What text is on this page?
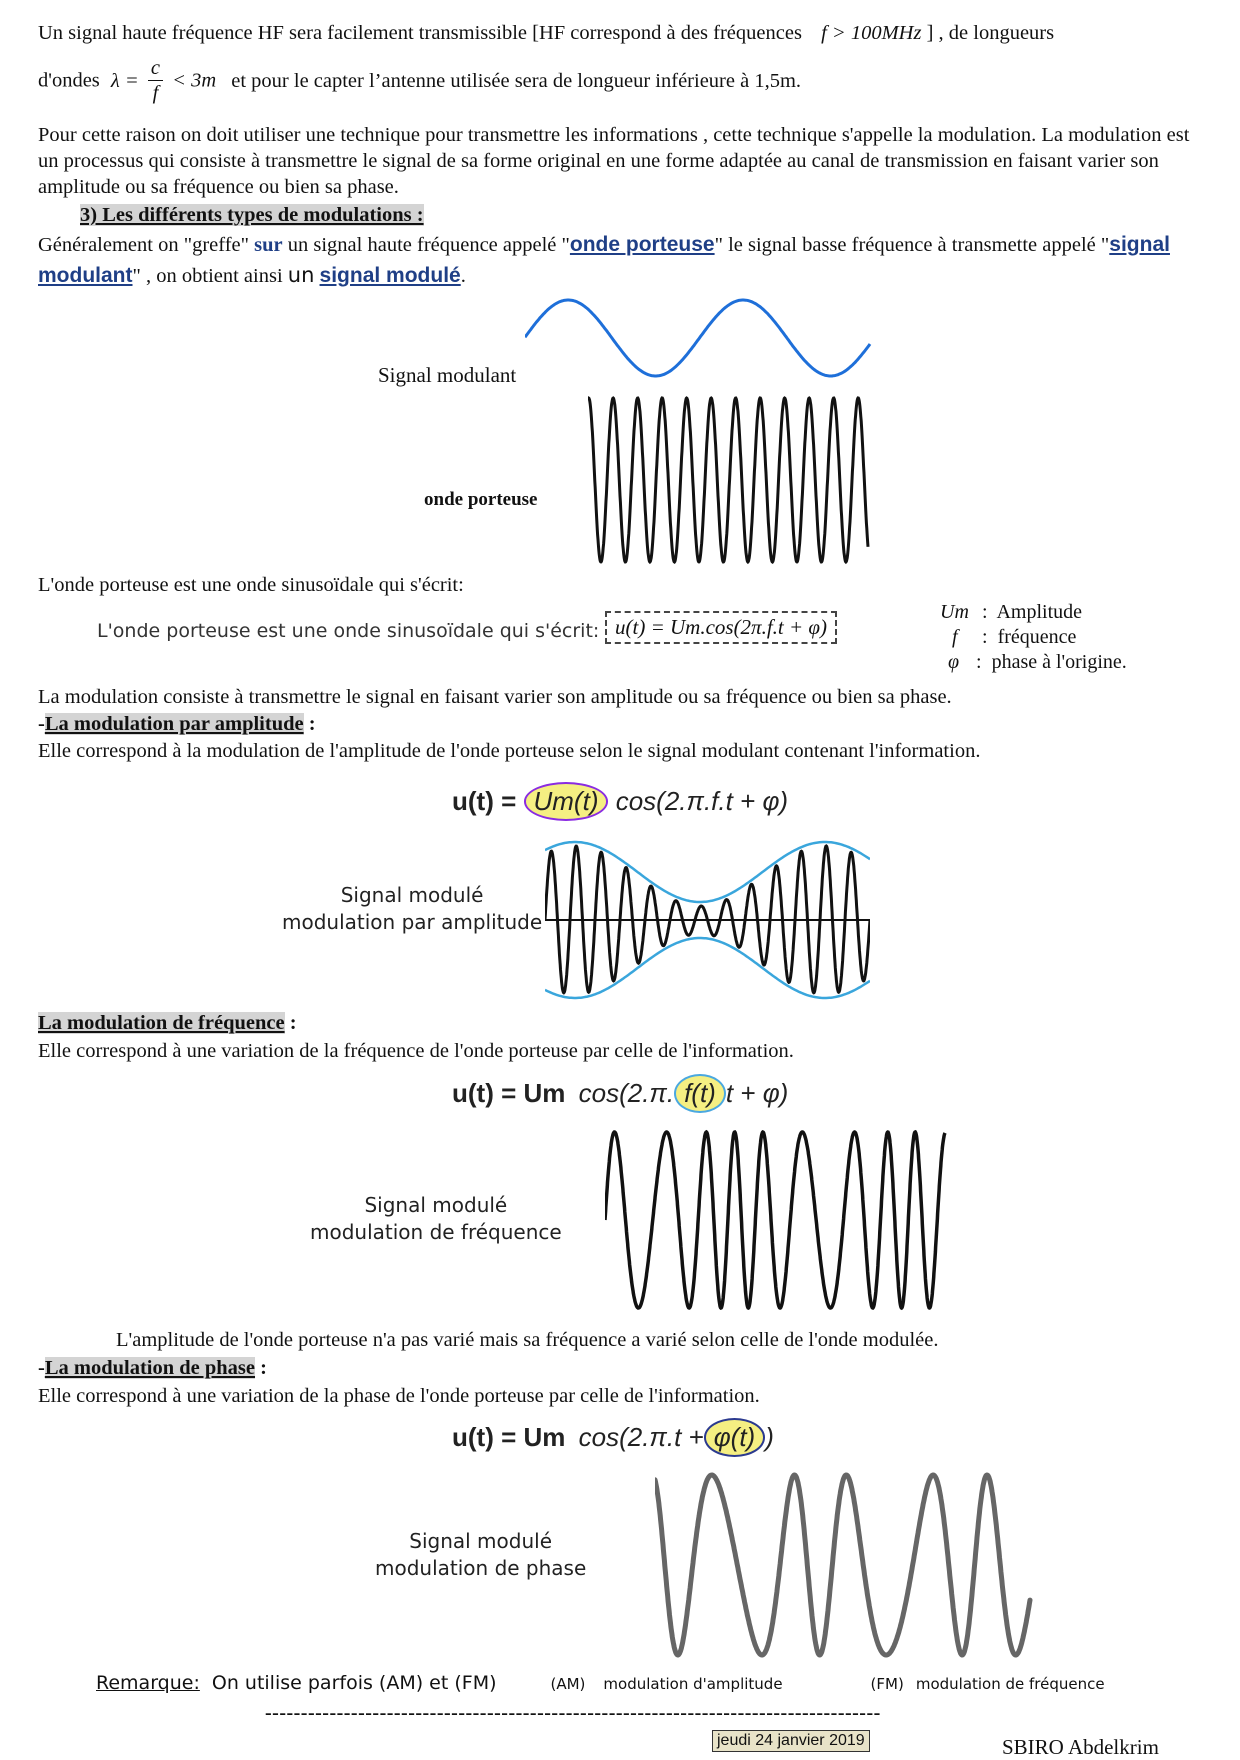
Un signal haute fréquence HF sera facilement transmissible [HF correspond à des fréquences f > 100MHz ] , de longueurs
d'ondes $\lambda = \frac{c}{f} < 3m$ et pour le capter l’antenne utilisée sera de longueur inférieure à 1,5m.
Pour cette raison on doit utiliser une technique pour transmettre les informations , cette technique s'appelle la modulation. La modulation est un processus qui consiste à transmettre le signal de sa forme original en une forme adaptée au canal de transmission en faisant varier son amplitude ou sa fréquence ou bien sa phase.
3) Les différents types de modulations :
Généralement on "greffe" sur un signal haute fréquence appelé "onde porteuse" le signal basse fréquence à transmette appelé "signal modulant" , on obtient ainsi un signal modulé.
Signal modulant
onde porteuse
L'onde porteuse est une onde sinusoïdale qui s'écrit:
L'onde porteuse est une onde sinusoïdale qui s'écrit: u(t) = Um.cos(2π.f.t + φ)
Um : Amplitude
f : fréquence
φ : phase à l'origine.
La modulation consiste à transmettre le signal en faisant varier son amplitude ou sa fréquence ou bien sa phase.
-La modulation par amplitude :
Elle correspond à la modulation de l'amplitude de l'onde porteuse selon le signal modulant contenant l'information.
u(t) = Um(t) cos(2.π.f.t + φ)
Signal modulé
modulation par amplitude
La modulation de fréquence :
Elle correspond à une variation de la fréquence de l'onde porteuse par celle de l'information.
u(t) = Um cos(2.π. f(t) t + φ)
Signal modulé
modulation de fréquence
L'amplitude de l'onde porteuse n'a pas varié mais sa fréquence a varié selon celle de l'onde modulée.
-La modulation de phase :
Elle correspond à une variation de la phase de l'onde porteuse par celle de l'information.
u(t) = Um cos(2.π.t + φ(t) )
Signal modulé
modulation de phase
Remarque: On utilise parfois (AM) et (FM)	(AM) modulation d'amplitude	(FM) modulation de fréquence
--------------------------------------------------------------------------------------
jeudi 24 janvier 2019	SBIRO Abdelkrim
